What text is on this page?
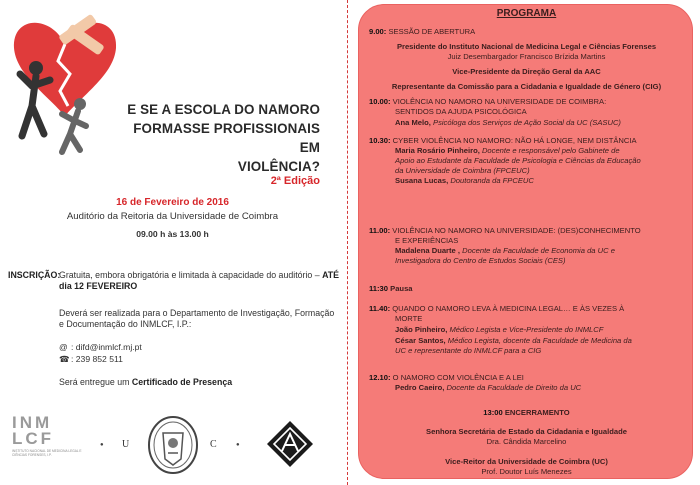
E SE A ESCOLA DO NAMORO
FORMASSE PROFISSIONAIS EM
VIOLÊNCIA?
2ª Edição
16 de Fevereiro de 2016
Auditório da Reitoria da Universidade de Coimbra
09.00 h às 13.00 h
INSCRIÇÃO:
Gratuita, embora obrigatória e limitada à capacidade do auditório – ATÉ dia 12 FEVEREIRO
Deverá ser realizada para o Departamento de Investigação, Formação e Documentação do INMLCF, I.P.:
@ : difd@inmlcf.mj.pt
☎: 239 852 511
Será entregue um Certificado de Presença
INM
LCF
INSTITUTO NACIONAL DE MEDICINA LEGAL E CIÊNCIAS FORENSES, I.P.
● U	C	●
PROGRAMA
9.00: SESSÃO DE ABERTURA
Presidente do Instituto Nacional de Medicina Legal e Ciências Forenses
Juiz Desembargador Francisco Brízida Martins
Vice-Presidente da Direção Geral da AAC
Representante da Comissão para a Cidadania e Igualdade de Género (CIG)
10.00: VIOLÊNCIA NO NAMORO NA UNIVERSIDADE DE COIMBRA:
SENTIDOS DA AJUDA PSICOLÓGICA
Ana Melo, Psicóloga dos Serviços de Ação Social da UC (SASUC)
10.30: CYBER VIOLÊNCIA NO NAMORO: NÃO HÁ LONGE, NEM DISTÂNCIA
Maria Rosário Pinheiro, Docente e responsável pelo Gabinete de
Apoio ao Estudante da Faculdade de Psicologia e Ciências da Educação
da Universidade de Coimbra (FPCEUC)
Susana Lucas, Doutoranda da FPCEUC
11.00: VIOLÊNCIA NO NAMORO NA UNIVERSIDADE: (DES)CONHECIMENTO
E EXPERIÊNCIAS
Madalena Duarte , Docente da Faculdade de Economia da UC e
Investigadora do Centro de Estudos Sociais (CES)
11:30 Pausa
11.40: QUANDO O NAMORO LEVA À MEDICINA LEGAL… E ÀS VEZES À
MORTE
João Pinheiro, Médico Legista e Vice-Presidente do INMLCF
César Santos, Médico Legista, docente da Faculdade de Medicina da
UC e representante do INMLCF para a CIG
12.10: O NAMORO COM VIOLÊNCIA E A LEI
Pedro Caeiro, Docente da Faculdade de Direito da UC
13:00 ENCERRAMENTO
Senhora Secretária de Estado da Cidadania e Igualdade
Dra. Cândida Marcelino
Vice-Reitor da Universidade de Coimbra (UC)
Prof. Doutor Luís Menezes
